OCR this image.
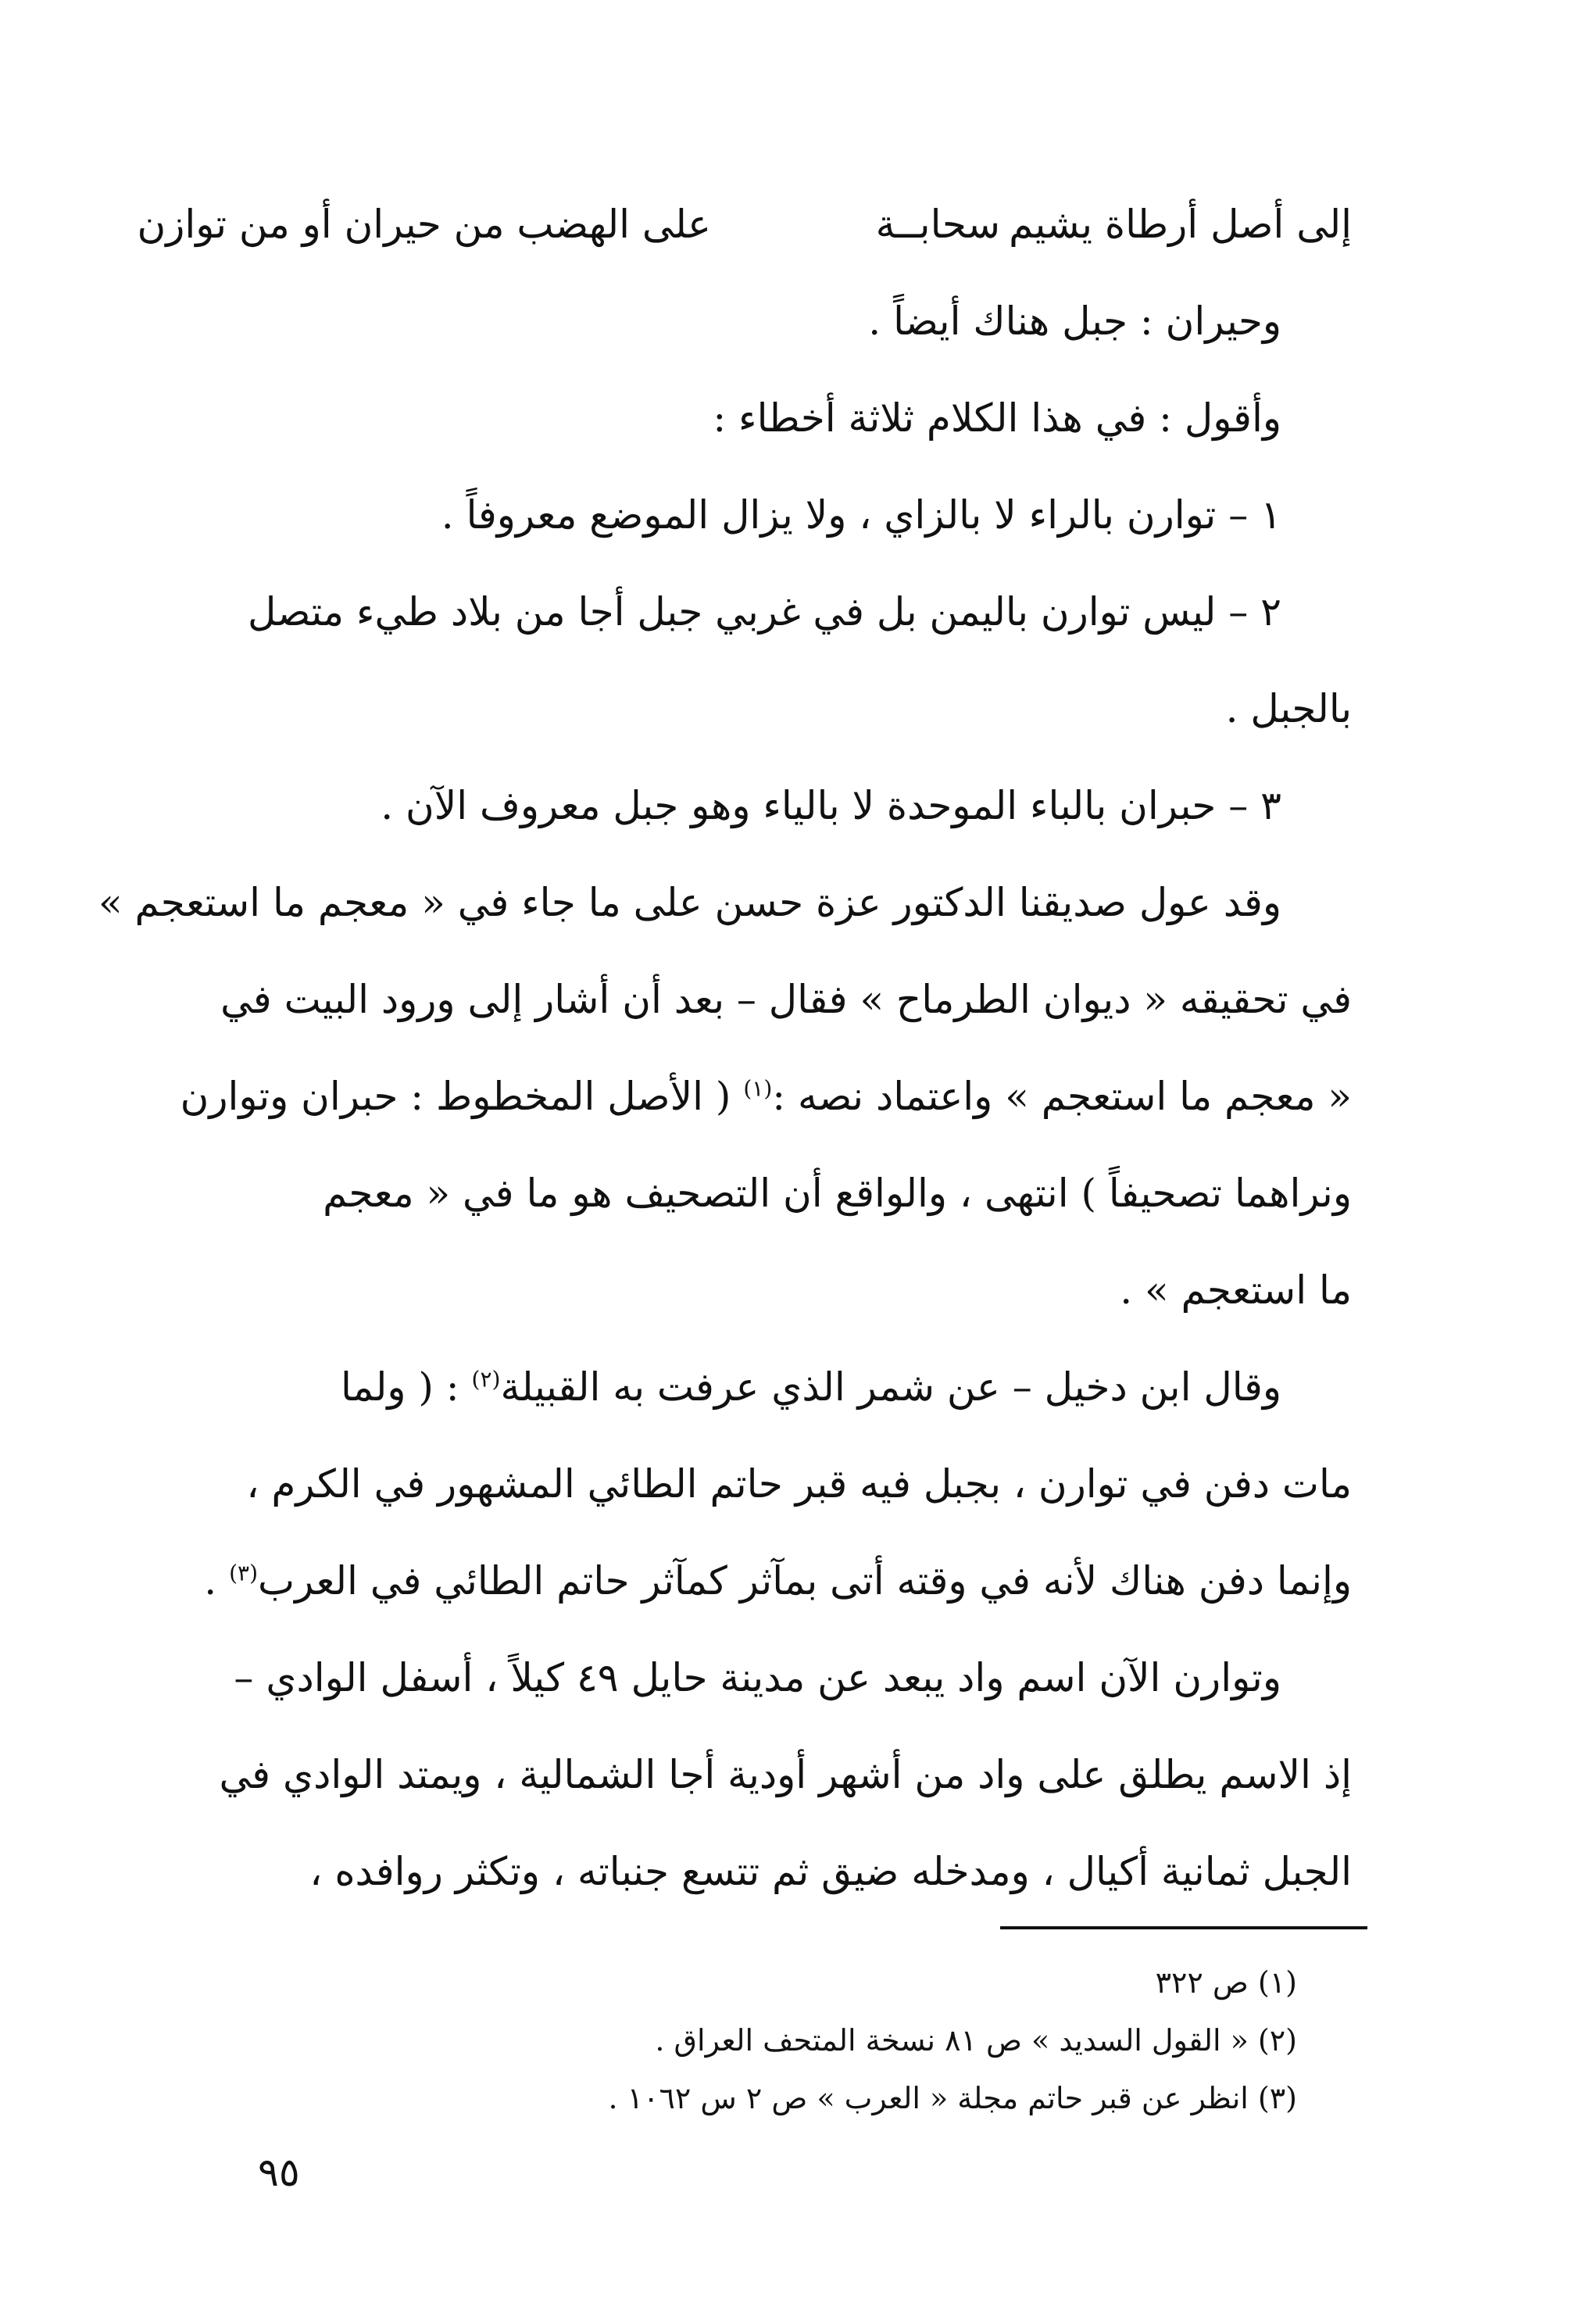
إلى أصل أرطاة يشيم
سحابــة
على الهضب من حيران أو من توازن
وحيران : جبل هناك أيضاً .
وأقول : في هذا الكلام ثلاثة أخطاء :
١ – توارن بالراء لا بالزاي ، ولا يزال الموضع معروفاً .
٢ – ليس توارن باليمن بل في غربي جبل أجا من بلاد طيء متصل
بالجبل .
٣ – حبران بالباء الموحدة لا بالياء وهو جبل معروف الآن .
وقد عول صديقنا الدكتور عزة حسن على ما جاء في « معجم ما استعجم »
في تحقيقه « ديوان الطرماح » فقال – بعد أن أشار إلى ورود البيت في
« معجم ما استعجم » واعتماد نصه :$^{(١)}$ ( الأصل المخطوط : حبران وتوارن
ونراهما تصحيفاً ) انتهى ، والواقع أن التصحيف هو ما في « معجم
ما استعجم » .
وقال ابن دخيل – عن شمر الذي عرفت به القبيلة$^{(٢)}$ : ( ولما
مات دفن في توارن ، بجبل فيه قبر حاتم الطائي المشهور في الكرم ،
وإنما دفن هناك لأنه في وقته أتى بمآثر كمآثر حاتم الطائي في العرب$^{(٣)}$ .
وتوارن الآن اسم واد يبعد عن مدينة حايل ٤٩ كيلاً ، أسفل الوادي –
إذ الاسم يطلق على واد من أشهر أودية أجا الشمالية ، ويمتد الوادي في
الجبل ثمانية أكيال ، ومدخله ضيق ثم تتسع جنباته ، وتكثر روافده ،
(١) ص ٣٢٢
(٢) « القول السديد » ص ٨١ نسخة المتحف العراق .
(٣) انظر عن قبر حاتم مجلة « العرب » ص ٢ س ١٠٦٢ .
٩٥
